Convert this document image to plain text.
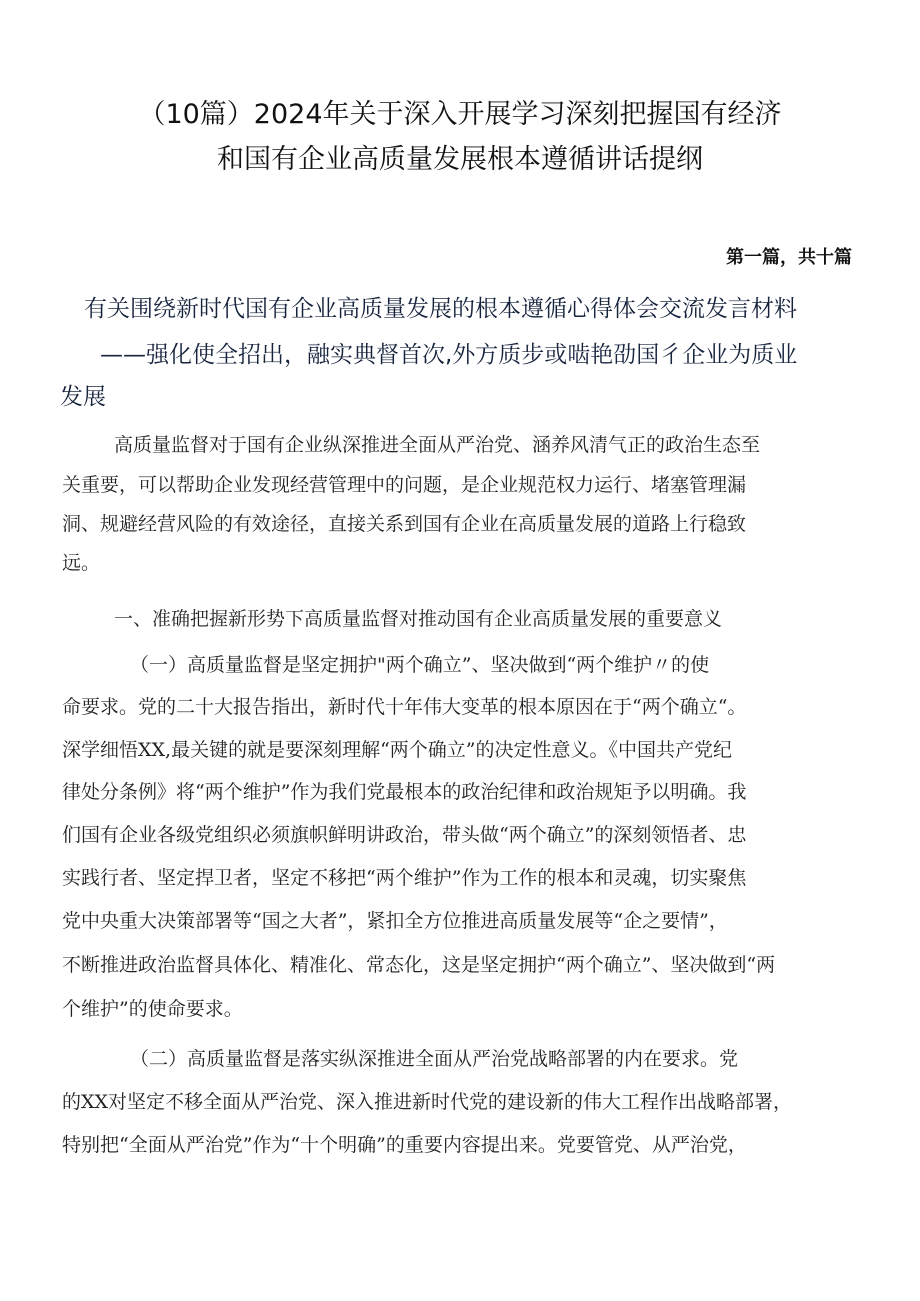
（10篇）2024年关于深入开展学习深刻把握国有经济
和国有企业高质量发展根本遵循讲话提纲
第一篇，共十篇
有关围绕新时代国有企业高质量发展的根本遵循心得体会交流发言材料
——强化使全招出，融实典督首次,外方质步或啮艳劭国彳企业为质业
发展
高质量监督对于国有企业纵深推进全面从严治党、涵养风清气正的政治生态至
关重要，可以帮助企业发现经营管理中的问题，是企业规范权力运行、堵塞管理漏
洞、规避经营风险的有效途径，直接关系到国有企业在高质量发展的道路上行稳致
远。
一、准确把握新形势下高质量监督对推动国有企业高质量发展的重要意义
（一）高质量监督是坚定拥护"两个确立”、坚决做到“两个维护〃的使
命要求。党的二十大报告指出，新时代十年伟大变革的根本原因在于“两个确立“。
深学细悟XX,最关键的就是要深刻理解“两个确立”的决定性意义。《中国共产党纪
律处分条例》将“两个维护”作为我们党最根本的政治纪律和政治规矩予以明确。我
们国有企业各级党组织必须旗帜鲜明讲政治，带头做“两个确立”的深刻领悟者、忠
实践行者、坚定捍卫者，坚定不移把“两个维护”作为工作的根本和灵魂，切实聚焦
党中央重大决策部署等“国之大者”，紧扣全方位推进高质量发展等“企之要情”，
不断推进政治监督具体化、精准化、常态化，这是坚定拥护“两个确立”、坚决做到“两
个维护”的使命要求。
（二）高质量监督是落实纵深推进全面从严治党战略部署的内在要求。党
的XX对坚定不移全面从严治党、深入推进新时代党的建设新的伟大工程作出战略部署，
特别把“全面从严治党”作为“十个明确”的重要内容提出来。党要管党、从严治党，
